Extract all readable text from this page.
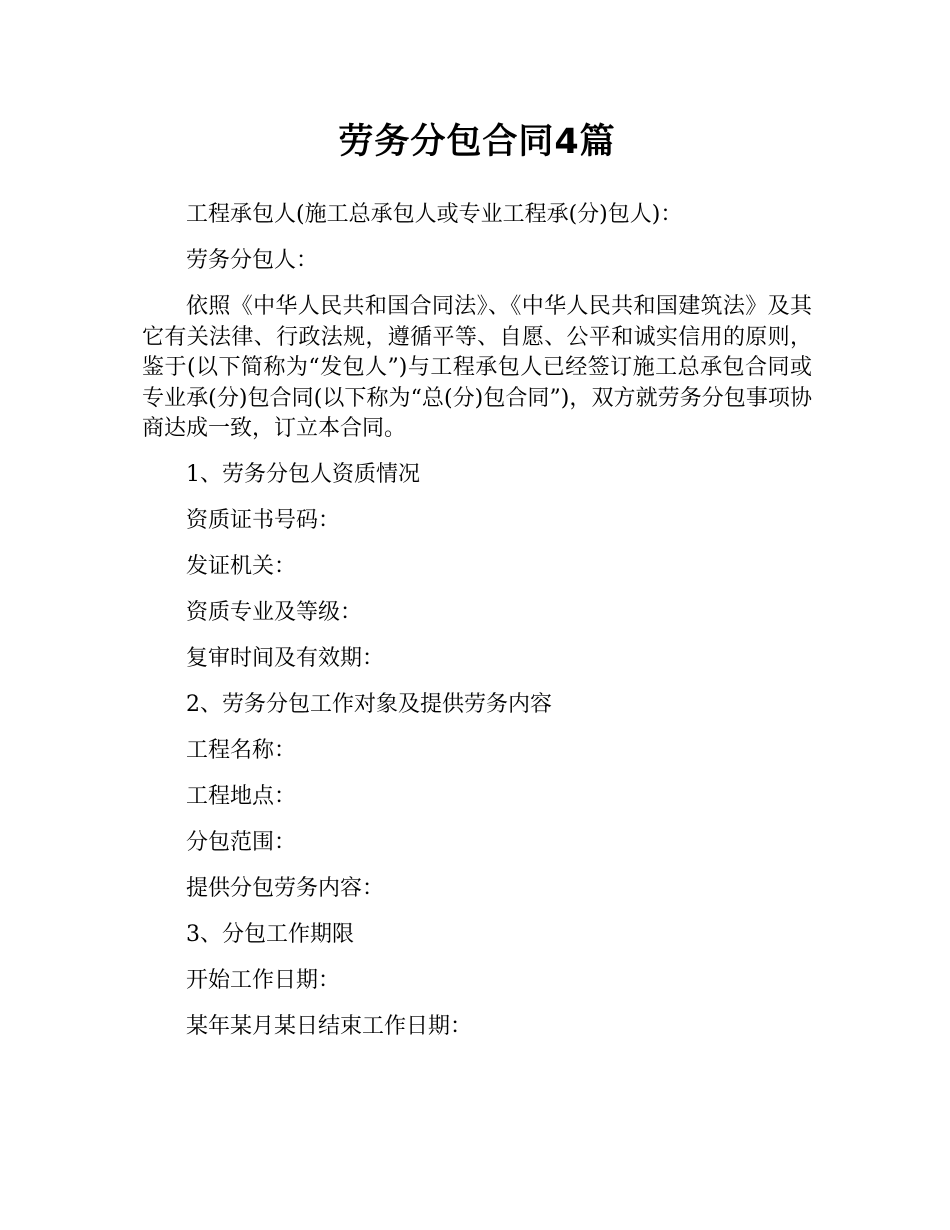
劳务分包合同4篇

工程承包人(施工总承包人或专业工程承(分)包人)：

劳务分包人：

依照《中华人民共和国合同法》、《中华人民共和国建筑法》及其它有关法律、行政法规，遵循平等、自愿、公平和诚实信用的原则，鉴于(以下简称为“发包人”)与工程承包人已经签订施工总承包合同或专业承(分)包合同(以下称为“总(分)包合同”)，双方就劳务分包事项协商达成一致，订立本合同。

1、劳务分包人资质情况

资质证书号码：

发证机关：

资质专业及等级：

复审时间及有效期：

2、劳务分包工作对象及提供劳务内容

工程名称：

工程地点：

分包范围：

提供分包劳务内容：

3、分包工作期限

开始工作日期：

某年某月某日结束工作日期：
